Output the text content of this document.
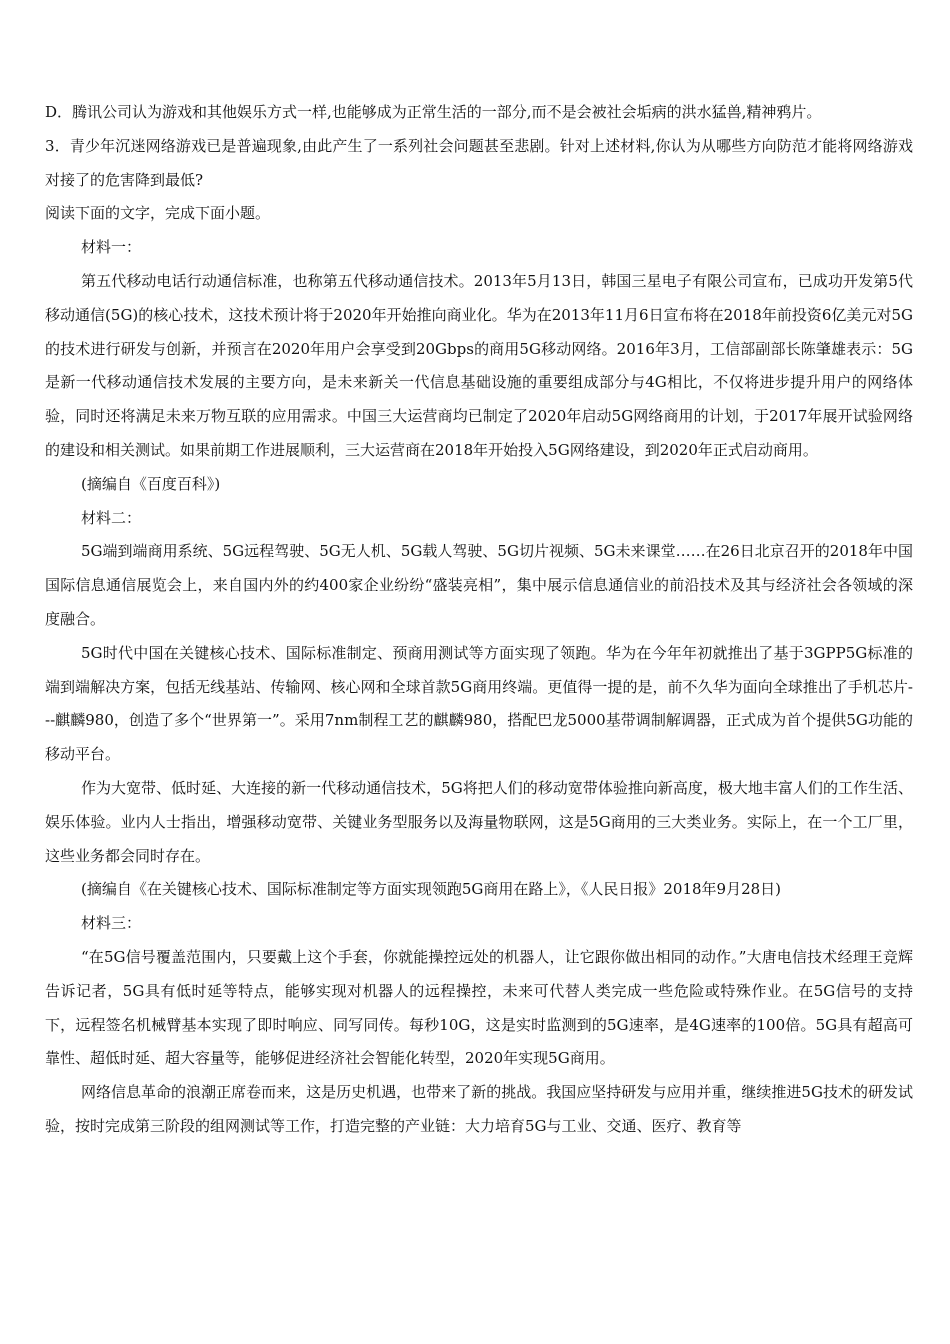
D．腾讯公司认为游戏和其他娱乐方式一样,也能够成为正常生活的一部分,而不是会被社会垢病的洪水猛兽,精神鸦片。

3．青少年沉迷网络游戏已是普遍现象,由此产生了一系列社会问题甚至悲剧。针对上述材料,你认为从哪些方向防范才能将网络游戏对接了的危害降到最低?

阅读下面的文字，完成下面小题。

材料一：

第五代移动电话行动通信标准，也称第五代移动通信技术。2013年5月13日，韩国三星电子有限公司宣布，已成功开发第5代移动通信(5G)的核心技术，这技术预计将于2020年开始推向商业化。华为在2013年11月6日宣布将在2018年前投资6亿美元对5G的技术进行研发与创新，并预言在2020年用户会享受到20Gbps的商用5G移动网络。2016年3月，工信部副部长陈肇雄表示：5G是新一代移动通信技术发展的主要方向，是未来新关一代信息基础设施的重要组成部分与4G相比，不仅将进步提升用户的网络体验，同时还将满足未来万物互联的应用需求。中国三大运营商均已制定了2020年启动5G网络商用的计划，于2017年展开试验网络的建设和相关测试。如果前期工作进展顺利，三大运营商在2018年开始投入5G网络建设，到2020年正式启动商用。

(摘编自《百度百科》)

材料二：

5G端到端商用系统、5G远程驾驶、5G无人机、5G载人驾驶、5G切片视频、5G未来课堂……在26日北京召开的2018年中国国际信息通信展览会上，来自国内外的约400家企业纷纷“盛装亮相”，集中展示信息通信业的前沿技术及其与经济社会各领域的深度融合。

5G时代中国在关键核心技术、国际标准制定、预商用测试等方面实现了领跑。华为在今年年初就推出了基于3GPP5G标准的端到端解决方案，包括无线基站、传输网、核心网和全球首款5G商用终端。更值得一提的是，前不久华为面向全球推出了手机芯片---麒麟980，创造了多个“世界第一”。采用7nm制程工艺的麒麟980，搭配巴龙5000基带调制解调器，正式成为首个提供5G功能的移动平台。

作为大宽带、低时延、大连接的新一代移动通信技术，5G将把人们的移动宽带体验推向新高度，极大地丰富人们的工作生活、娱乐体验。业内人士指出，增强移动宽带、关键业务型服务以及海量物联网，这是5G商用的三大类业务。实际上，在一个工厂里，这些业务都会同时存在。

(摘编自《在关键核心技术、国际标准制定等方面实现领跑5G商用在路上》，《人民日报》2018年9月28日)

材料三：

“在5G信号覆盖范围内，只要戴上这个手套，你就能操控远处的机器人，让它跟你做出相同的动作。”大唐电信技术经理王竞辉告诉记者，5G具有低时延等特点，能够实现对机器人的远程操控，未来可代替人类完成一些危险或特殊作业。在5G信号的支持下，远程签名机械臂基本实现了即时响应、同写同传。每秒10G，这是实时监测到的5G速率，是4G速率的100倍。5G具有超高可靠性、超低时延、超大容量等，能够促进经济社会智能化转型，2020年实现5G商用。

网络信息革命的浪潮正席卷而来，这是历史机遇，也带来了新的挑战。我国应坚持研发与应用并重，继续推进5G技术的研发试验，按时完成第三阶段的组网测试等工作，打造完整的产业链：大力培育5G与工业、交通、医疗、教育等
